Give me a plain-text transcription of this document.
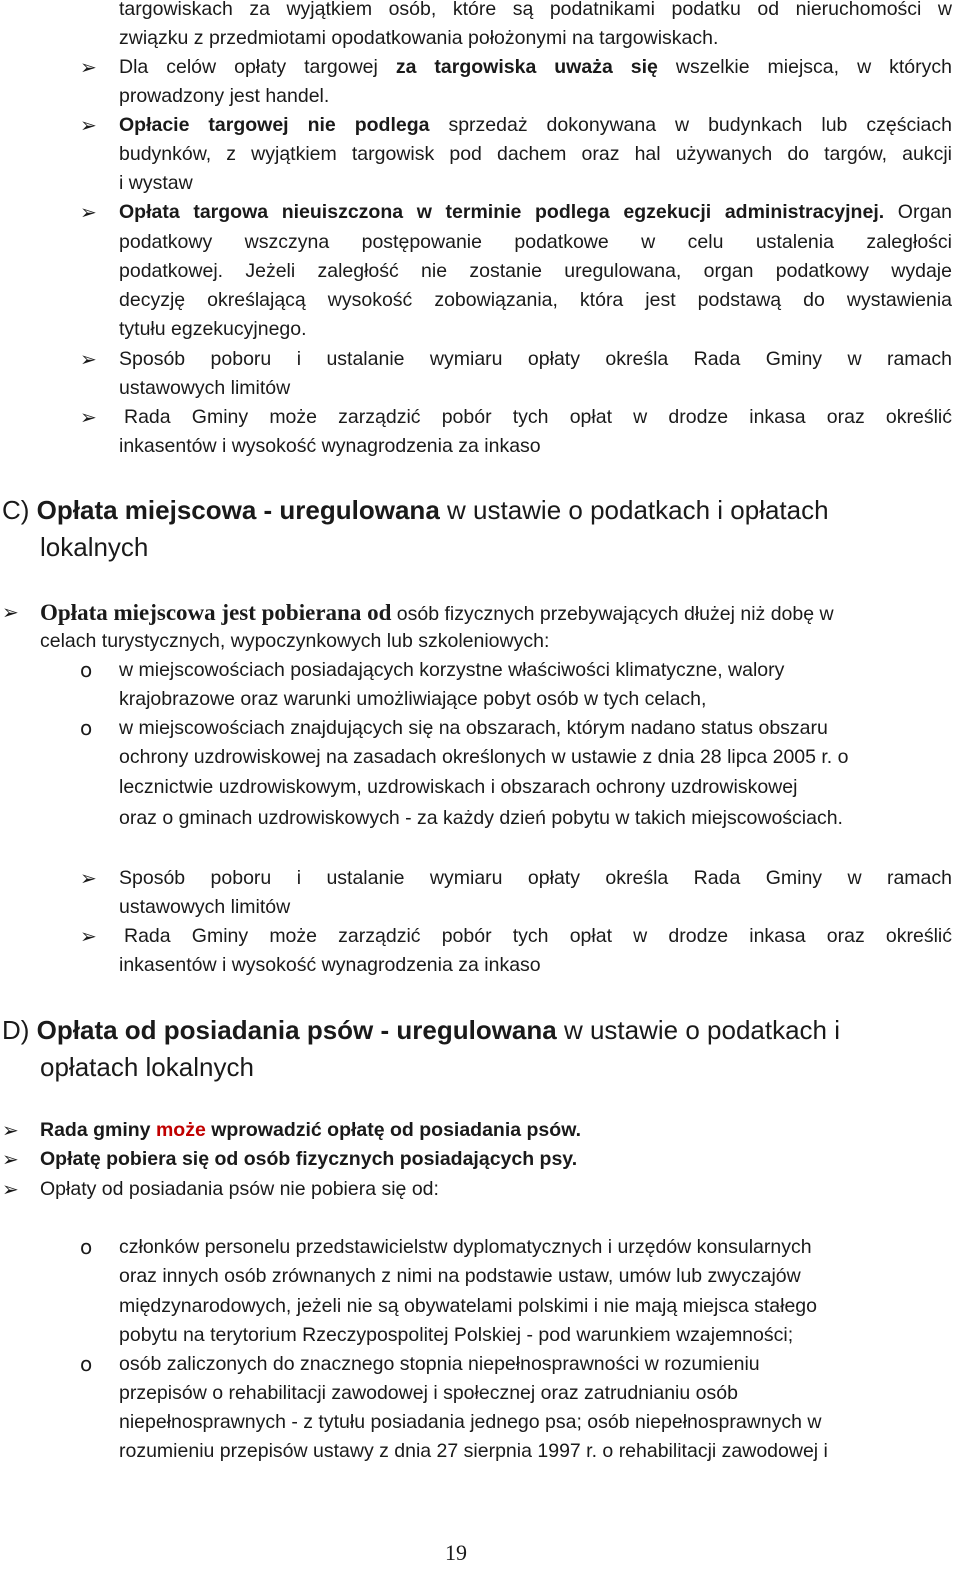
targowiskach za wyjątkiem osób, które są podatnikami podatku od nieruchomości w
związku z przedmiotami opodatkowania położonymi na targowiskach.
➢ Dla celów opłaty targowej za targowiska uważa się wszelkie miejsca, w których
prowadzony jest handel.
➢ Opłacie targowej nie podlega sprzedaż dokonywana w budynkach lub częściach
budynków, z wyjątkiem targowisk pod dachem oraz hal używanych do targów, aukcji
i wystaw
➢ Opłata targowa nieuiszczona w terminie podlega egzekucji administracyjnej. Organ
podatkowy wszczyna postępowanie podatkowe w celu ustalenia zaległości
podatkowej. Jeżeli zaległość nie zostanie uregulowana, organ podatkowy wydaje
decyzję określającą wysokość zobowiązania, która jest podstawą do wystawienia
tytułu egzekucyjnego.
➢ Sposób poboru i ustalanie wymiaru opłaty określa Rada Gminy w ramach
ustawowych limitów
➢ Rada Gminy może zarządzić pobór tych opłat w drodze inkasa oraz określić
inkasentów i wysokość wynagrodzenia za inkaso
C) Opłata miejscowa - uregulowana w ustawie o podatkach i opłatach
lokalnych
➢ Opłata miejscowa jest pobierana od osób fizycznych przebywających dłużej niż dobę w
celach turystycznych, wypoczynkowych lub szkoleniowych:
o w miejscowościach posiadających korzystne właściwości klimatyczne, walory
krajobrazowe oraz warunki umożliwiające pobyt osób w tych celach,
o w miejscowościach znajdujących się na obszarach, którym nadano status obszaru
ochrony uzdrowiskowej na zasadach określonych w ustawie z dnia 28 lipca 2005 r. o
lecznictwie uzdrowiskowym, uzdrowiskach i obszarach ochrony uzdrowiskowej
oraz o gminach uzdrowiskowych - za każdy dzień pobytu w takich miejscowościach.
➢ Sposób poboru i ustalanie wymiaru opłaty określa Rada Gminy w ramach
ustawowych limitów
➢ Rada Gminy może zarządzić pobór tych opłat w drodze inkasa oraz określić
inkasentów i wysokość wynagrodzenia za inkaso
D) Opłata od posiadania psów - uregulowana w ustawie o podatkach i
opłatach lokalnych
➢ Rada gminy może wprowadzić opłatę od posiadania psów.
➢ Opłatę pobiera się od osób fizycznych posiadających psy.
➢ Opłaty od posiadania psów nie pobiera się od:
o członków personelu przedstawicielstw dyplomatycznych i urzędów konsularnych
oraz innych osób zrównanych z nimi na podstawie ustaw, umów lub zwyczajów
międzynarodowych, jeżeli nie są obywatelami polskimi i nie mają miejsca stałego
pobytu na terytorium Rzeczypospolitej Polskiej - pod warunkiem wzajemności;
o osób zaliczonych do znacznego stopnia niepełnosprawności w rozumieniu
przepisów o rehabilitacji zawodowej i społecznej oraz zatrudnianiu osób
niepełnosprawnych - z tytułu posiadania jednego psa; osób niepełnosprawnych w
rozumieniu przepisów ustawy z dnia 27 sierpnia 1997 r. o rehabilitacji zawodowej i
19
